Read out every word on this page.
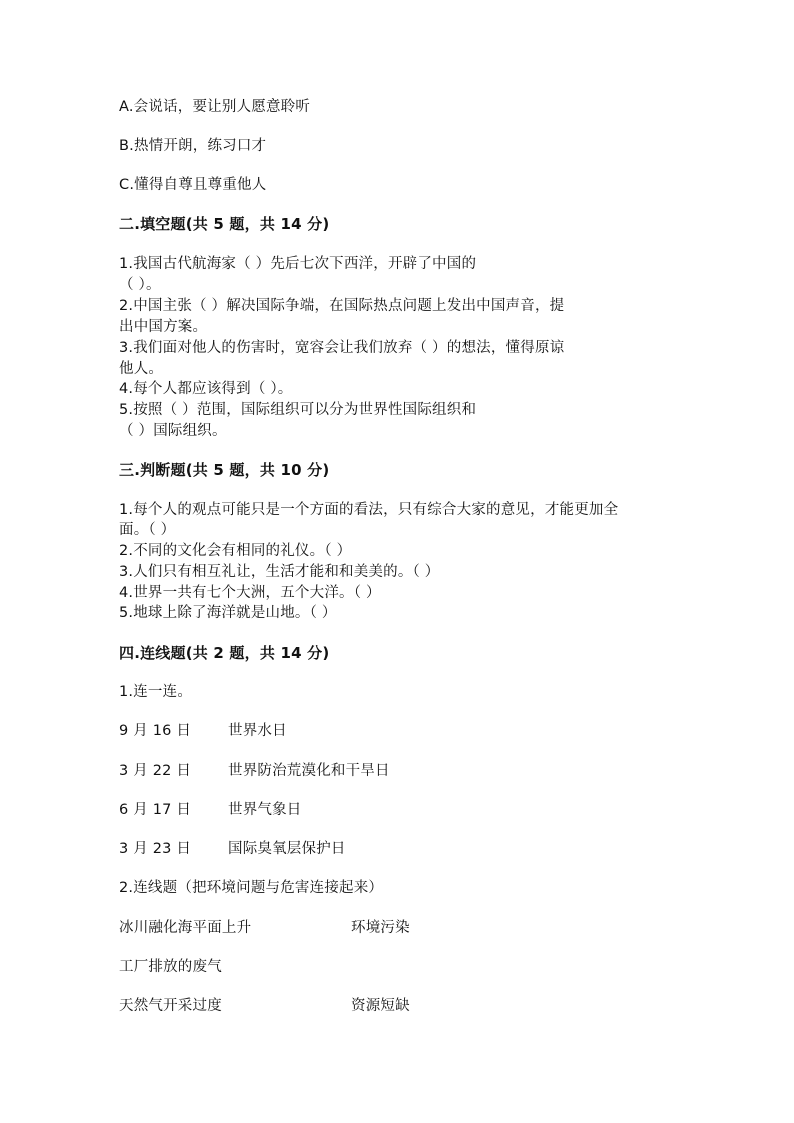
A.会说话，要让别人愿意聆听
B.热情开朗，练习口才
C.懂得自尊且尊重他人
二.填空题(共 5 题，共 14 分)
1.我国古代航海家（ ）先后七次下西洋，开辟了中国的
（ ）。
2.中国主张（ ）解决国际争端，在国际热点问题上发出中国声音，提
出中国方案。
3.我们面对他人的伤害时，宽容会让我们放弃（ ）的想法，懂得原谅
他人。
4.每个人都应该得到（ ）。
5.按照（ ）范围，国际组织可以分为世界性国际组织和
（ ）国际组织。
三.判断题(共 5 题，共 10 分)
1.每个人的观点可能只是一个方面的看法，只有综合大家的意见，才能更加全
面。（ ）
2.不同的文化会有相同的礼仪。（ ）
3.人们只有相互礼让，生活才能和和美美的。（ ）
4.世界一共有七个大洲，五个大洋。（ ）
5.地球上除了海洋就是山地。（ ）
四.连线题(共 2 题，共 14 分)
1.连一连。
9 月 16 日	世界水日
3 月 22 日	世界防治荒漠化和干旱日
6 月 17 日	世界气象日
3 月 23 日	国际臭氧层保护日
2.连线题（把环境问题与危害连接起来）
冰川融化海平面上升	环境污染
工厂排放的废气
天然气开采过度	资源短缺
